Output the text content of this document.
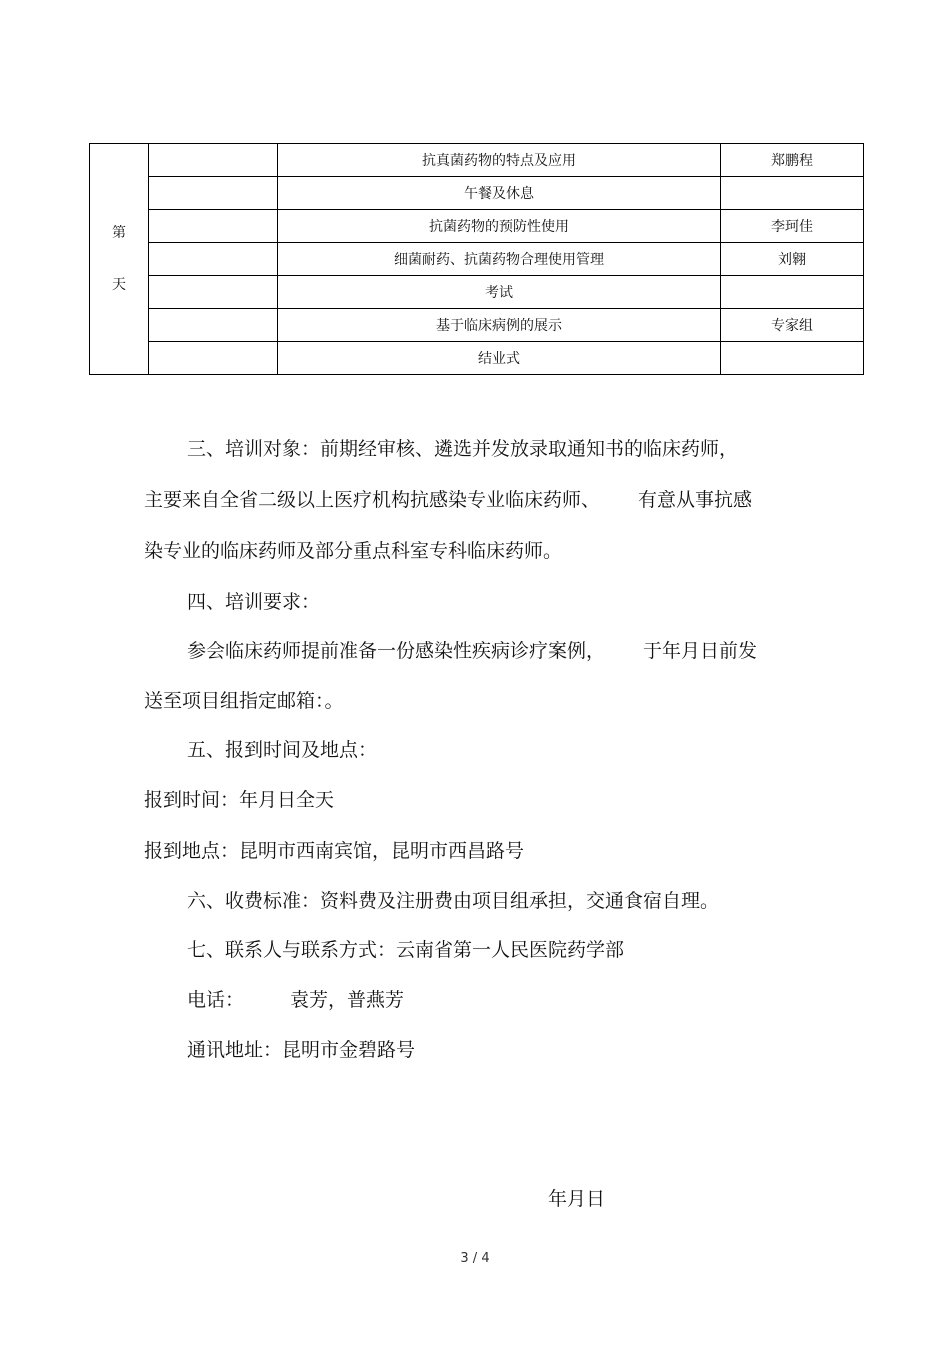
第
天		抗真菌药物的特点及应用	郑鹏程
		午餐及休息	
		抗菌药物的预防性使用	李珂佳
		细菌耐药、抗菌药物合理使用管理	刘翱
		考试	
		基于临床病例的展示	专家组
		结业式	

三、培训对象：前期经审核、遴选并发放录取通知书的临床药师，

主要来自全省二级以上医疗机构抗感染专业临床药师、 有意从事抗感

染专业的临床药师及部分重点科室专科临床药师。

四、培训要求：

参会临床药师提前准备一份感染性疾病诊疗案例， 于年月日前发

送至项目组指定邮箱：。

五、报到时间及地点：

报到时间：年月日全天

报到地点：昆明市西南宾馆，昆明市西昌路号

六、收费标准：资料费及注册费由项目组承担，交通食宿自理。

七、联系人与联系方式：云南省第一人民医院药学部

电话： 袁芳，普燕芳

通讯地址：昆明市金碧路号

年月日

3 / 4
